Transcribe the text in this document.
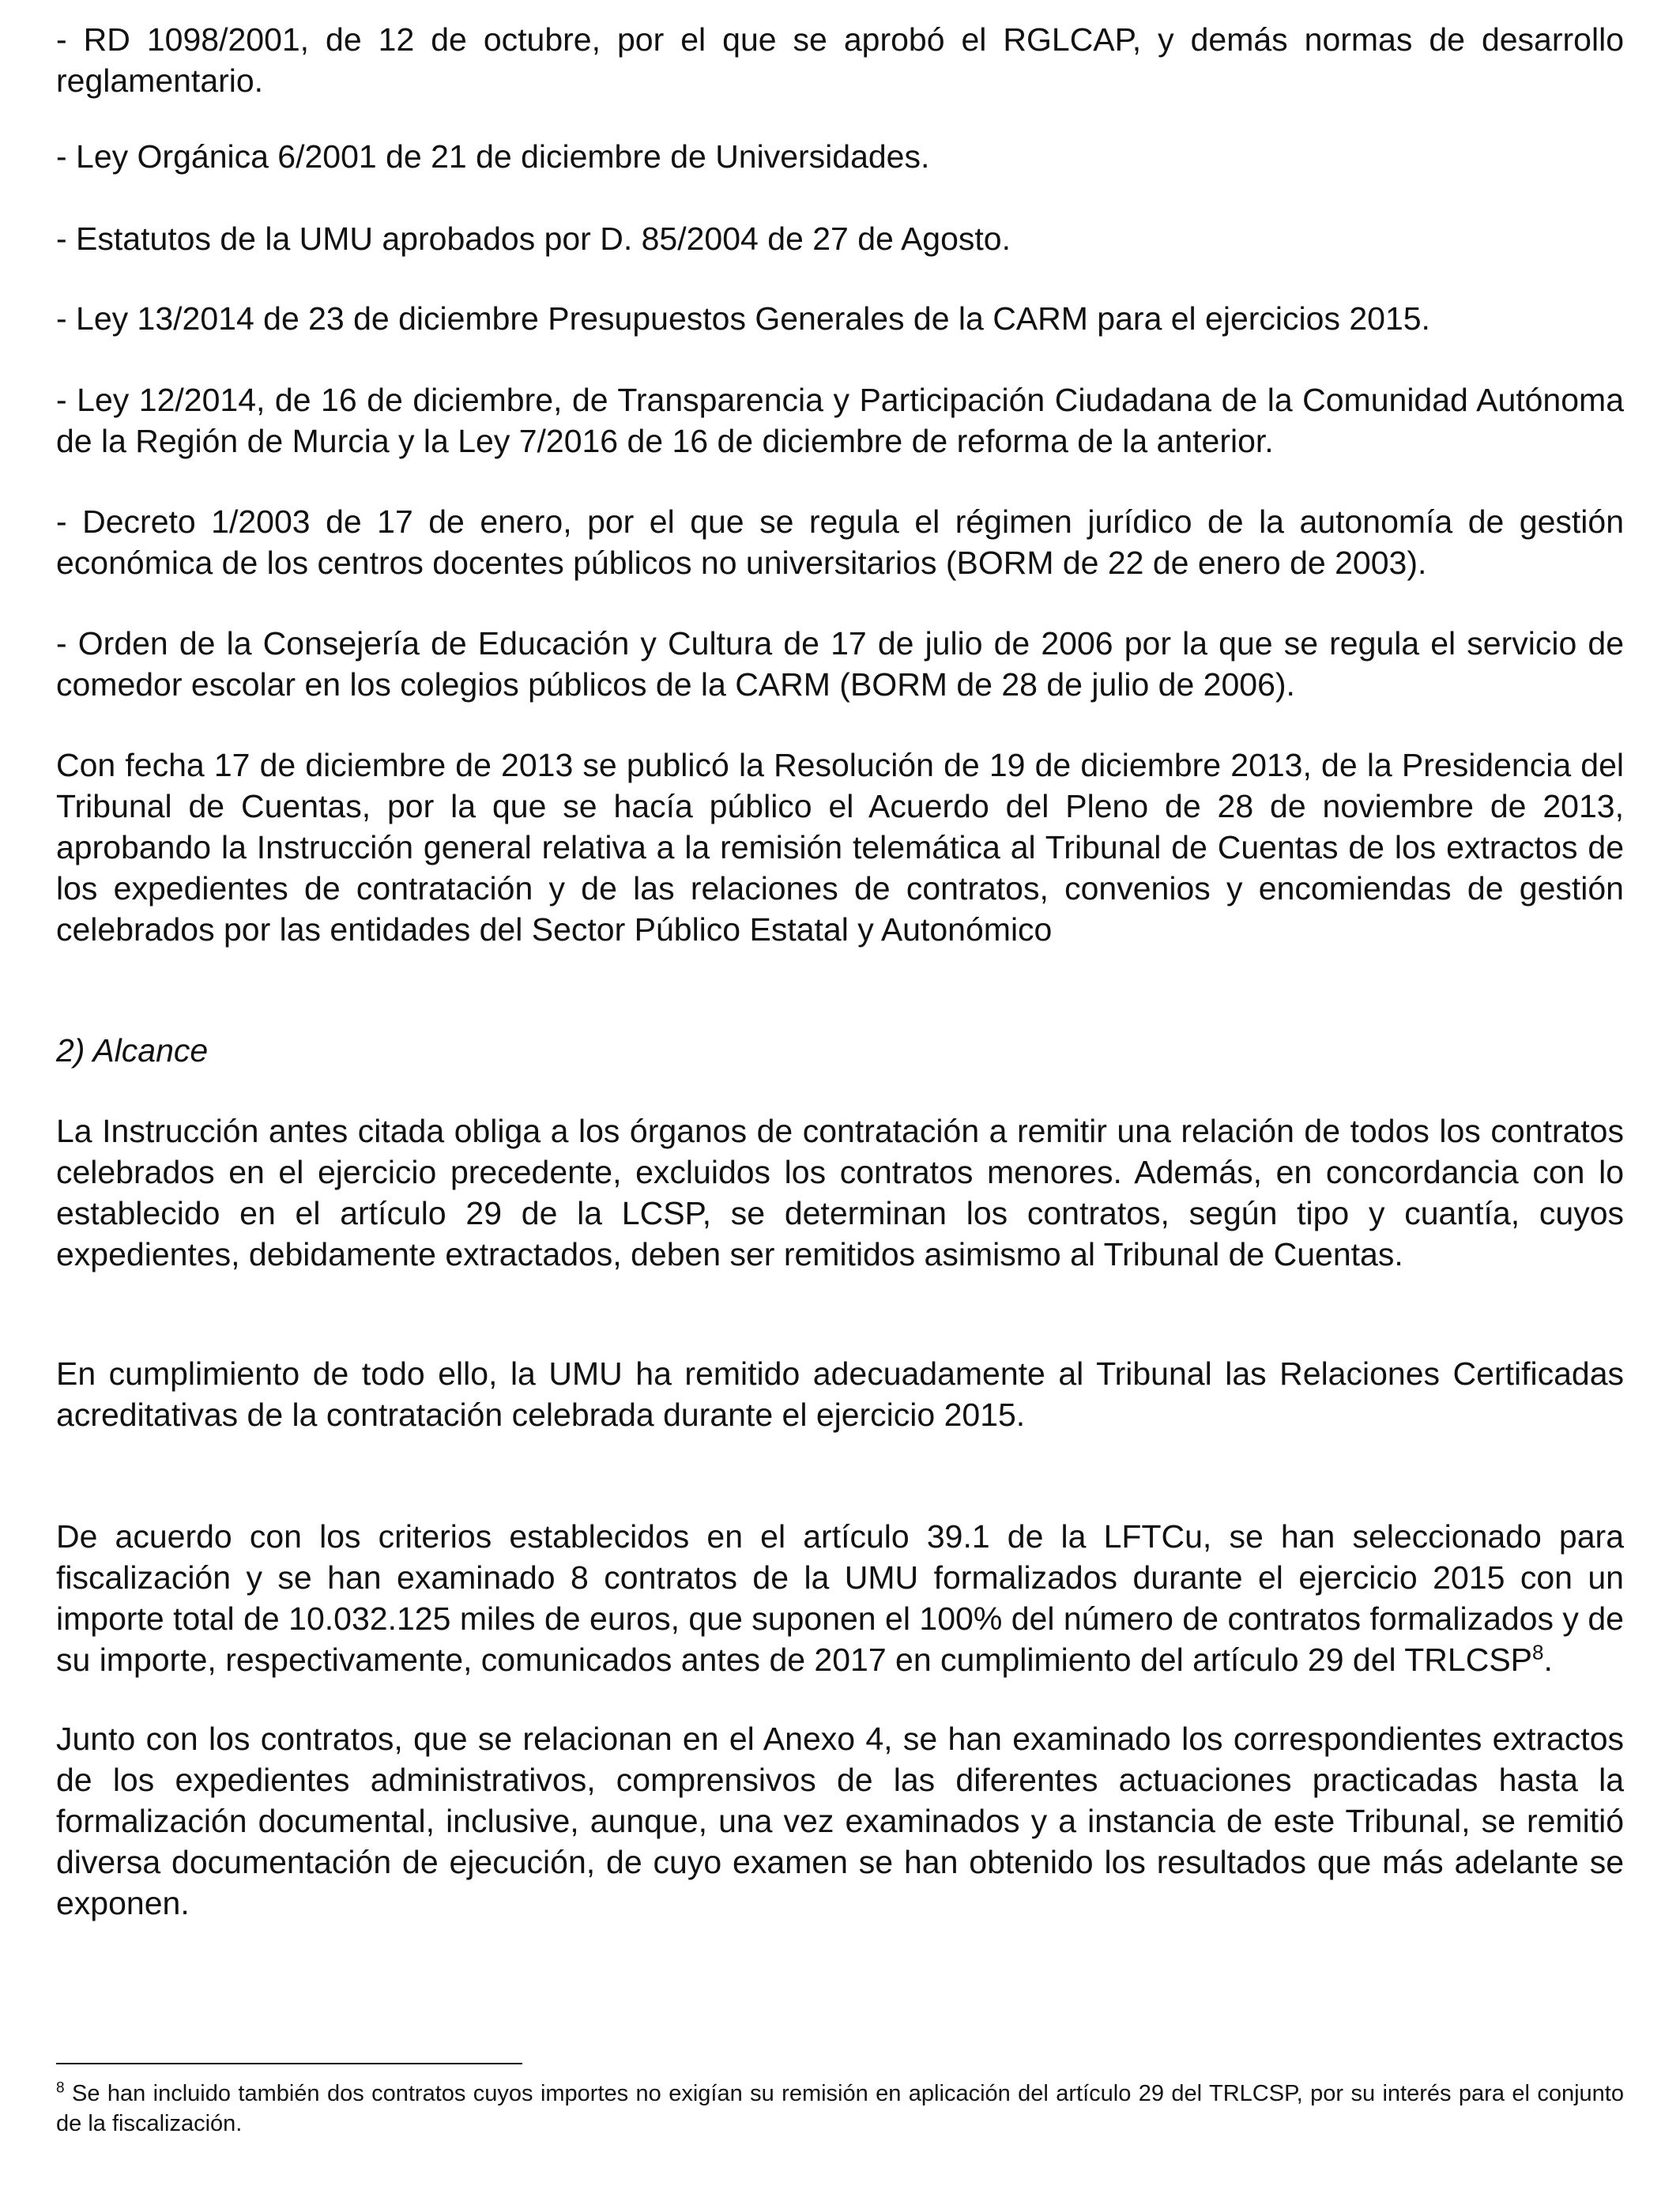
- RD 1098/2001, de 12 de octubre, por el que se aprobó el RGLCAP, y demás normas de desarrollo reglamentario.

- Ley Orgánica 6/2001 de 21 de diciembre de Universidades.

- Estatutos de la UMU aprobados por D. 85/2004 de 27 de Agosto.

- Ley 13/2014 de 23 de diciembre Presupuestos Generales de la CARM para el ejercicios 2015.

- Ley 12/2014, de 16 de diciembre, de Transparencia y Participación Ciudadana de la Comunidad Autónoma de la Región de Murcia y la Ley 7/2016 de 16 de diciembre de reforma de la anterior.

- Decreto 1/2003 de 17 de enero, por el que se regula el régimen jurídico de la autonomía de gestión económica de los centros docentes públicos no universitarios (BORM de 22 de enero de 2003).

- Orden de la Consejería de Educación y Cultura de 17 de julio de 2006 por la que se regula el servicio de comedor escolar en los colegios públicos de la CARM (BORM de 28 de julio de 2006).

Con fecha 17 de diciembre de 2013 se publicó la Resolución de 19 de diciembre 2013, de la Presidencia del Tribunal de Cuentas, por la que se hacía público el Acuerdo del Pleno de 28 de noviembre de 2013, aprobando la Instrucción general relativa a la remisión telemática al Tribunal de Cuentas de los extractos de los expedientes de contratación y de las relaciones de contratos, convenios y encomiendas de gestión celebrados por las entidades del Sector Público Estatal y Autonómico

2) Alcance

La Instrucción antes citada obliga a los órganos de contratación a remitir una relación de todos los contratos celebrados en el ejercicio precedente, excluidos los contratos menores. Además, en concordancia con lo establecido en el artículo 29 de la LCSP, se determinan los contratos, según tipo y cuantía, cuyos expedientes, debidamente extractados, deben ser remitidos asimismo al Tribunal de Cuentas.

En cumplimiento de todo ello, la UMU ha remitido adecuadamente al Tribunal las Relaciones Certificadas acreditativas de la contratación celebrada durante el ejercicio 2015.

De acuerdo con los criterios establecidos en el artículo 39.1 de la LFTCu, se han seleccionado para fiscalización y se han examinado 8 contratos de la UMU formalizados durante el ejercicio 2015 con un importe total de 10.032.125 miles de euros, que suponen el 100% del número de contratos formalizados y de su importe, respectivamente, comunicados antes de 2017 en cumplimiento del artículo 29 del TRLCSP$^8$.

Junto con los contratos, que se relacionan en el Anexo 4, se han examinado los correspondientes extractos de los expedientes administrativos, comprensivos de las diferentes actuaciones practicadas hasta la formalización documental, inclusive, aunque, una vez examinados y a instancia de este Tribunal, se remitió diversa documentación de ejecución, de cuyo examen se han obtenido los resultados que más adelante se exponen.

$^8$ Se han incluido también dos contratos cuyos importes no exigían su remisión en aplicación del artículo 29 del TRLCSP, por su interés para el conjunto de la fiscalización.
